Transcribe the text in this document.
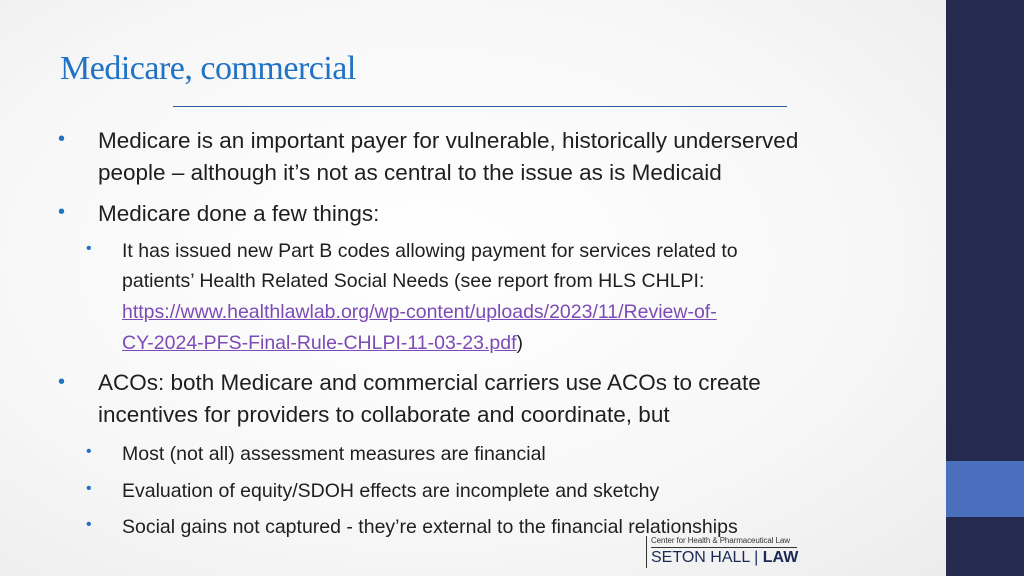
Medicare, commercial
• Medicare is an important payer for vulnerable, historically underserved
people – although it’s not as central to the issue as is Medicaid
• Medicare done a few things:
• It has issued new Part B codes allowing payment for services related to
patients’ Health Related Social Needs (see report from HLS CHLPI:
https://www.healthlawlab.org/wp-content/uploads/2023/11/Review-of-
CY-2024-PFS-Final-Rule-CHLPI-11-03-23.pdf)
• ACOs: both Medicare and commercial carriers use ACOs to create
incentives for providers to collaborate and coordinate, but
• Most (not all) assessment measures are financial
• Evaluation of equity/SDOH effects are incomplete and sketchy
• Social gains not captured - they’re external to the financial relationships
Center for Health & Pharmaceutical Law
SETON HALL | LAW
